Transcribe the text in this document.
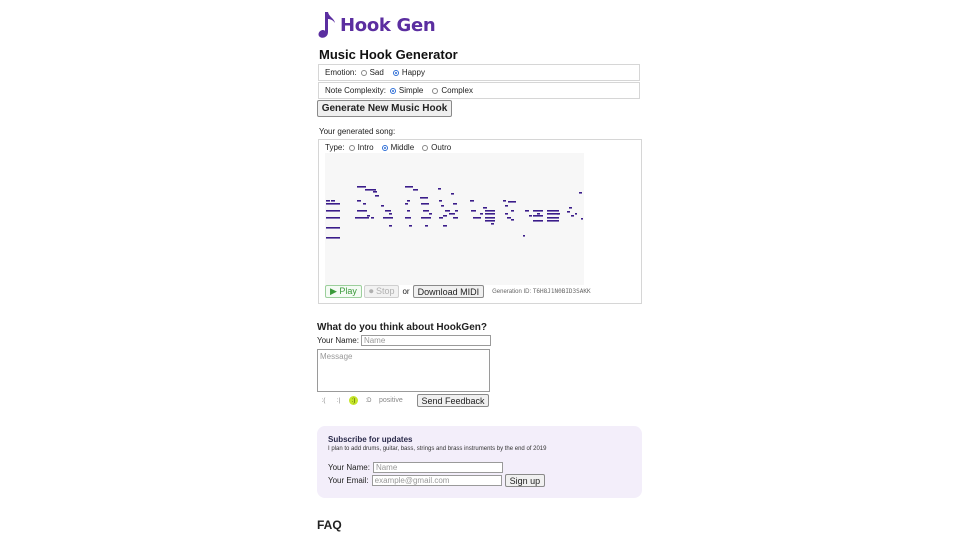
Hook Gen
Music Hook Generator
Emotion: Sad Happy
Note Complexity: Simple Complex
Generate New Music Hook
Your generated song:
Type: Intro Middle Outro
▶ Play	⏺ Stop	or Download MIDI	Generation ID: T6H8J1N0BID3SAKK
What do you think about HookGen?
Your Name: Name
Message
:(	:|	:)	:D positive	Send Feedback
Subscribe for updates
I plan to add drums, guitar, bass, strings and brass instruments by the end of 2019
Your Name: Name
Your Email: example@gmail.com	Sign up
FAQ
